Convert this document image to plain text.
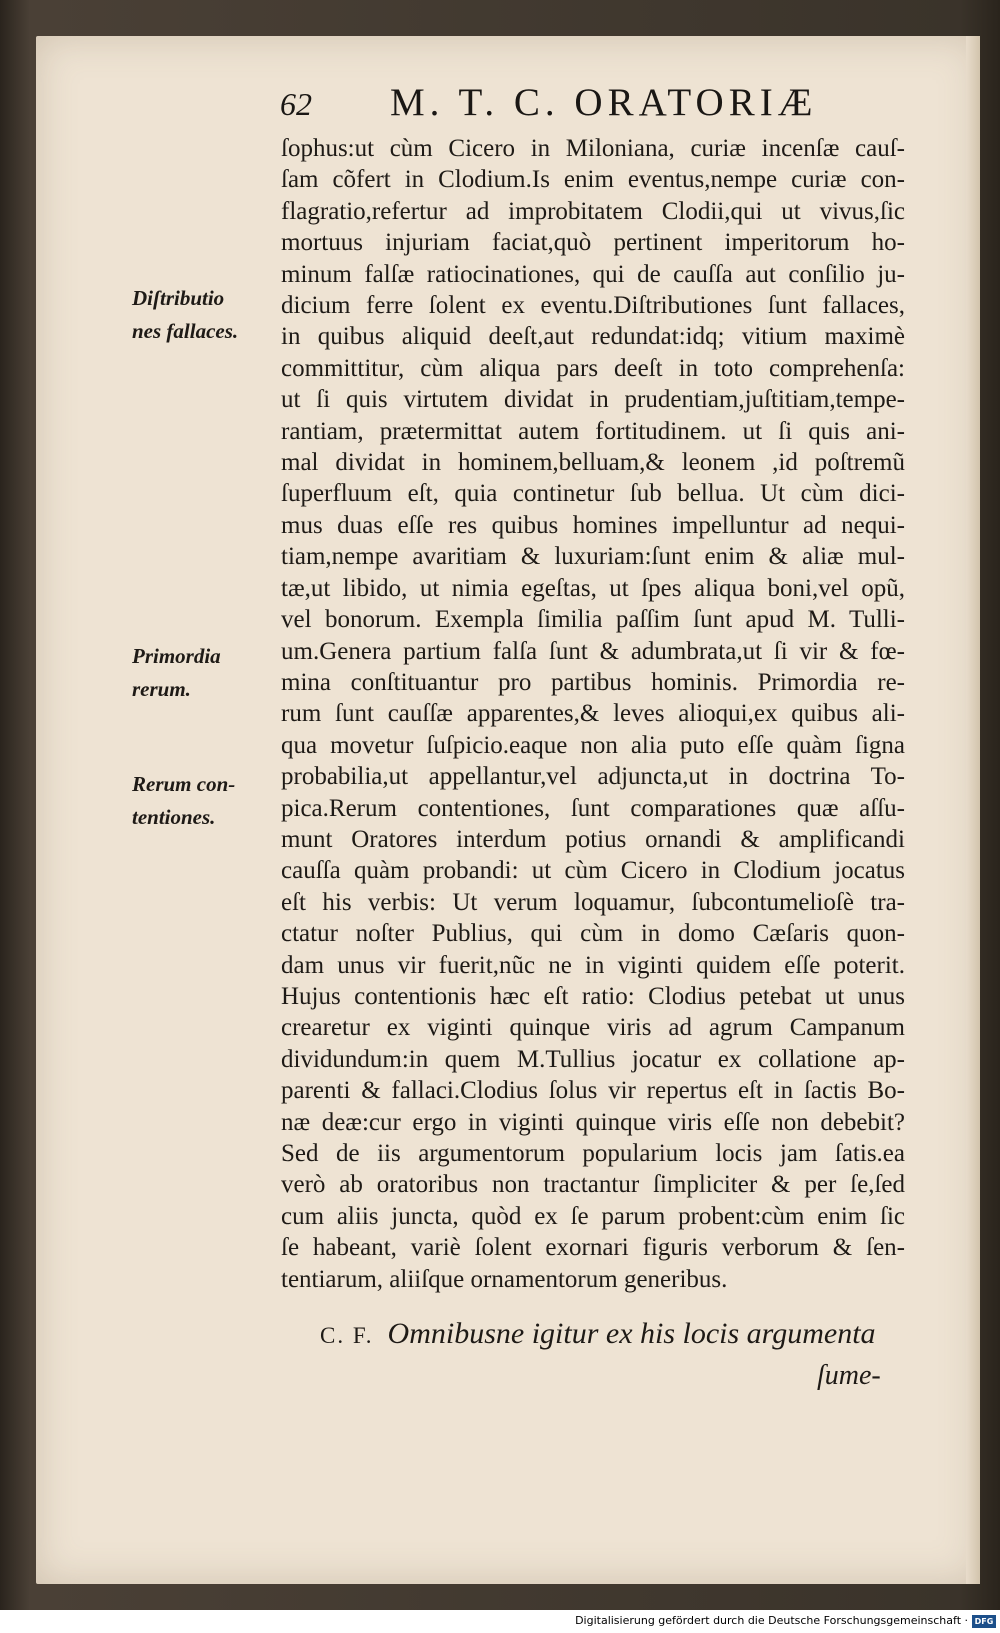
62 M. T. C. ORATORIÆ
ſophus:ut cùm Cicero in Miloniana, curiæ incenſæ cauſ-
ſam cõfert in Clodium.Is enim eventus,nempe curiæ con-
flagratio,refertur ad improbitatem Clodii,qui ut vivus,ſic
mortuus injuriam faciat,quò pertinent imperitorum ho-
minum falſæ ratiocinationes, qui de cauſſa aut conſilio ju-
dicium ferre ſolent ex eventu.Diſtributiones ſunt fallaces,
in quibus aliquid deeſt,aut redundat:idq; vitium maximè
committitur, cùm aliqua pars deeſt in toto comprehenſa:
ut ſi quis virtutem dividat in prudentiam,juſtitiam,tempe-
rantiam, prætermittat autem fortitudinem. ut ſi quis ani-
mal dividat in hominem,belluam,& leonem ,id poſtremũ
ſuperfluum eſt, quia continetur ſub bellua. Ut cùm dici-
mus duas eſſe res quibus homines impelluntur ad nequi-
tiam,nempe avaritiam & luxuriam:ſunt enim & aliæ mul-
tæ,ut libido, ut nimia egeſtas, ut ſpes aliqua boni,vel opũ,
vel bonorum. Exempla ſimilia paſſim ſunt apud M. Tulli-
um.Genera partium falſa ſunt & adumbrata,ut ſi vir & fœ-
mina conſtituantur pro partibus hominis. Primordia re-
rum ſunt cauſſæ apparentes,& leves alioqui,ex quibus ali-
qua movetur ſuſpicio.eaque non alia puto eſſe quàm ſigna
probabilia,ut appellantur,vel adjuncta,ut in doctrina To-
pica.Rerum contentiones, ſunt comparationes quæ aſſu-
munt Oratores interdum potius ornandi & amplificandi
cauſſa quàm probandi: ut cùm Cicero in Clodium jocatus
eſt his verbis: Ut verum loquamur, ſubcontumelioſè tra-
ctatur noſter Publius, qui cùm in domo Cæſaris quon-
dam unus vir fuerit,nũc ne in viginti quidem eſſe poterit.
Hujus contentionis hæc eſt ratio: Clodius petebat ut unus
crearetur ex viginti quinque viris ad agrum Campanum
dividundum:in quem M.Tullius jocatur ex collatione ap-
parenti & fallaci.Clodius ſolus vir repertus eſt in ſactis Bo-
næ deæ:cur ergo in viginti quinque viris eſſe non debebit?
Sed de iis argumentorum popularium locis jam ſatis.ea
verò ab oratoribus non tractantur ſimpliciter & per ſe,ſed
cum aliis juncta, quòd ex ſe parum probent:cùm enim ſic
ſe habeant, variè ſolent exornari figuris verborum & ſen-
tentiarum, aliiſque ornamentorum generibus.
Diſtributio
nes fallaces.
Primordia
rerum.
Rerum con-
tentiones.
C. F. Omnibusne igitur ex his locis argumenta
ſume-
Digitalisierung gefördert durch die Deutsche Forschungsgemeinschaft · DFG
